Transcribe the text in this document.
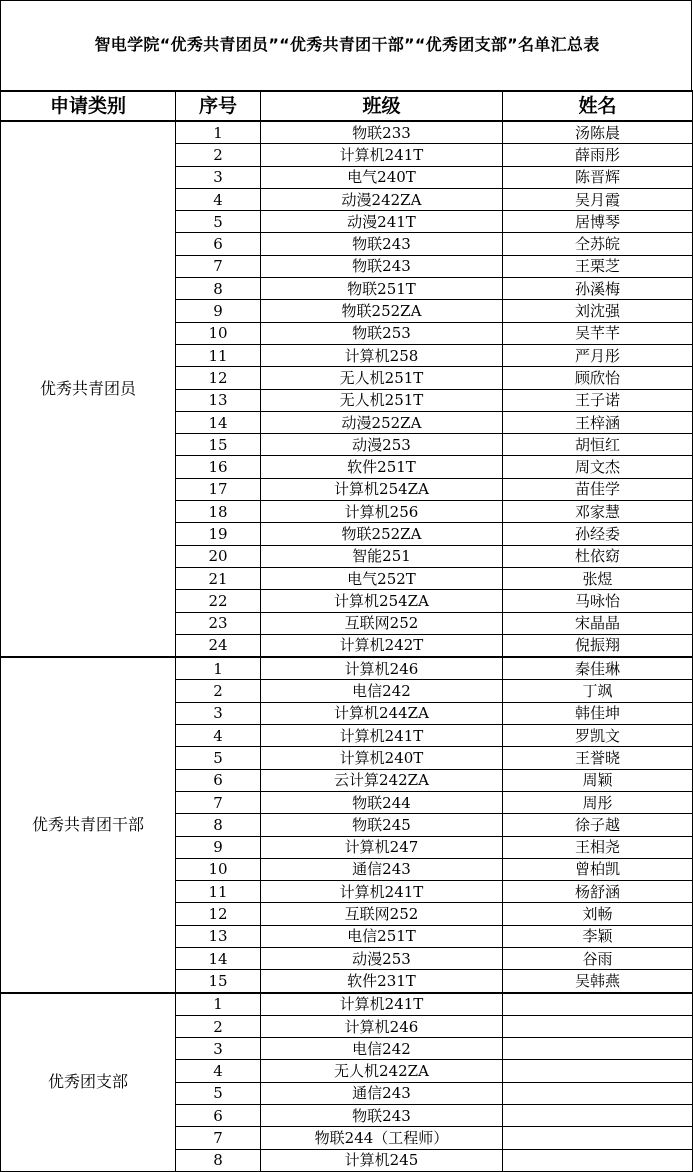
智电学院“优秀共青团员”“优秀共青团干部”“优秀团支部”名单汇总表
申请类别	序号	班级	姓名
优秀共青团员	1	物联233	汤陈晨
	2	计算机241T	薛雨彤
	3	电气240T	陈晋辉
	4	动漫242ZA	吴月霞
	5	动漫241T	居博琴
	6	物联243	仝苏皖
	7	物联243	王栗芝
	8	物联251T	孙溪梅
	9	物联252ZA	刘沈强
	10	物联253	吴芊芊
	11	计算机258	严月彤
	12	无人机251T	顾欣怡
	13	无人机251T	王子诺
	14	动漫252ZA	王梓涵
	15	动漫253	胡恒红
	16	软件251T	周文杰
	17	计算机254ZA	苗佳学
	18	计算机256	邓家慧
	19	物联252ZA	孙经委
	20	智能251	杜依窈
	21	电气252T	张煜
	22	计算机254ZA	马咏怡
	23	互联网252	宋晶晶
	24	计算机242T	倪振翔
优秀共青团干部	1	计算机246	秦佳琳
	2	电信242	丁飒
	3	计算机244ZA	韩佳坤
	4	计算机241T	罗凯文
	5	计算机240T	王誉晓
	6	云计算242ZA	周颖
	7	物联244	周彤
	8	物联245	徐子越
	9	计算机247	王相尧
	10	通信243	曾柏凯
	11	计算机241T	杨舒涵
	12	互联网252	刘畅
	13	电信251T	李颖
	14	动漫253	谷雨
	15	软件231T	吴韩燕
优秀团支部	1	计算机241T	
	2	计算机246	
	3	电信242	
	4	无人机242ZA	
	5	通信243	
	6	物联243	
	7	物联244（工程师）	
	8	计算机245	
